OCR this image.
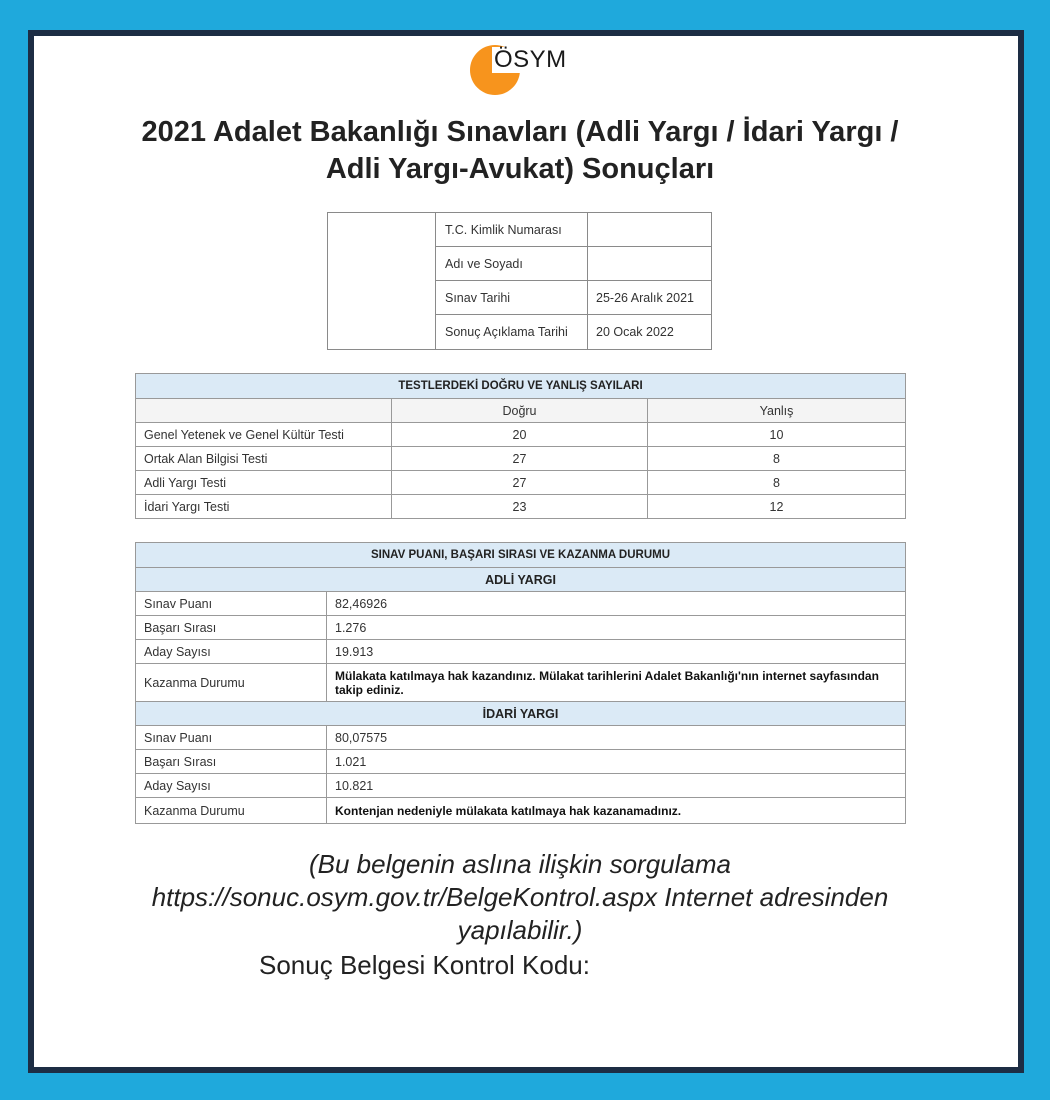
ÖSYM
2021 Adalet Bakanlığı Sınavları (Adli Yargı / İdari Yargı / Adli Yargı-Avukat) Sonuçları
T.C. Kimlik Numarası
Adı ve Soyadı
Sınav Tarihi	25-26 Aralık 2021
Sonuç Açıklama Tarihi	20 Ocak 2022
TESTLERDEKİ DOĞRU VE YANLIŞ SAYILARI		
	Doğru	Yanlış
Genel Yetenek ve Genel Kültür Testi	20	10
Ortak Alan Bilgisi Testi	27	8
Adli Yargı Testi	27	8
İdari Yargı Testi	23	12
SINAV PUANI, BAŞARI SIRASI VE KAZANMA DURUMU	
ADLİ YARGI	
Sınav Puanı	82,46926
Başarı Sırası	1.276
Aday Sayısı	19.913
Kazanma Durumu	Mülakata katılmaya hak kazandınız. Mülakat tarihlerini Adalet Bakanlığı'nın internet sayfasından takip ediniz.
İDARİ YARGI	
Sınav Puanı	80,07575
Başarı Sırası	1.021
Aday Sayısı	10.821
Kazanma Durumu	Kontenjan nedeniyle mülakata katılmaya hak kazanamadınız.
(Bu belgenin aslına ilişkin sorgulama https://sonuc.osym.gov.tr/BelgeKontrol.aspx Internet adresinden yapılabilir.)
Sonuç Belgesi Kontrol Kodu:
